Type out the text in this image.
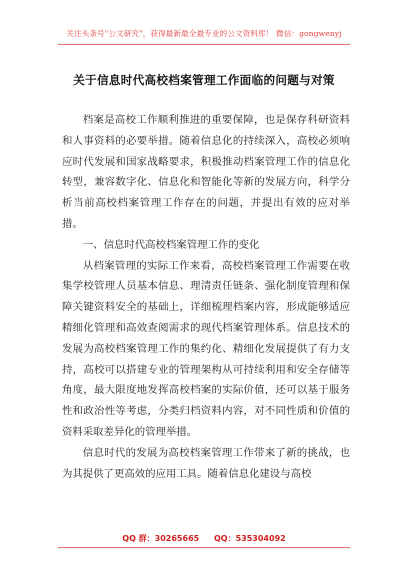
关注头条号"公文研究"，获得最新最全最专业的公文资料库！ 微信：gongwenyj
关于信息时代高校档案管理工作面临的问题与对策

档案是高校工作顺利推进的重要保障，也是保存科研资料和人事资料的必要举措。随着信息化的持续深入，高校必须响应时代发展和国家战略要求，积极推动档案管理工作的信息化转型，兼容数字化、信息化和智能化等新的发展方向，科学分析当前高校档案管理工作存在的问题，并提出有效的应对举措。

一、信息时代高校档案管理工作的变化

从档案管理的实际工作来看，高校档案管理工作需要在收集学校管理人员基本信息、理清责任链条、强化制度管理和保障关键资料安全的基础上，详细梳理档案内容，形成能够适应精细化管理和高效查阅需求的现代档案管理体系。信息技术的发展为高校档案管理工作的集约化、精细化发展提供了有力支持，高校可以搭建专业的管理架构从可持续利用和安全存储等角度，最大限度地发挥高校档案的实际价值，还可以基于服务性和政治性等考虑，分类归档资料内容，对不同性质和价值的资料采取差异化的管理举措。

信息时代的发展为高校档案管理工作带来了新的挑战，也为其提供了更高效的应用工具。随着信息化建设与高校

QQ 群：30265665 QQ：535304092
